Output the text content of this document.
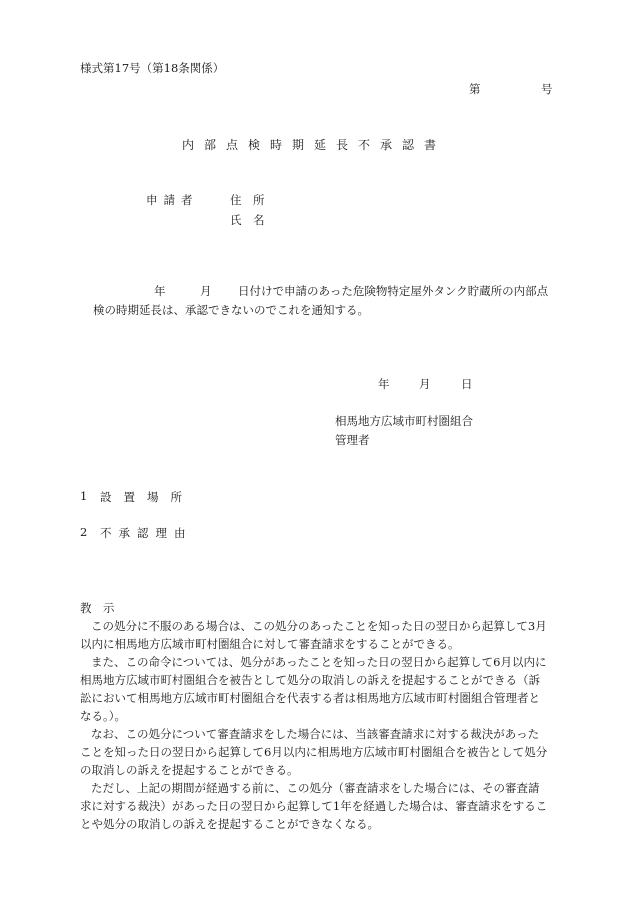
様式第17号（第18条関係）
第	号
内部点検時期延長不承認書
申請者	住　所
氏　名
年	月 日付けで申請のあった危険物特定屋外タンク貯蔵所の内部点
検の時期延長は、承認できないのでこれを通知する。
年	月	日
相馬地方広域市町村圏組合
管理者
1 設置場所
2 不承認理由
教　示

この処分に不服のある場合は、この処分のあったことを知った日の翌日から起算して3月以内に相馬地方広域市町村圏組合に対して審査請求をすることができる。

また、この命令については、処分があったことを知った日の翌日から起算して6月以内に相馬地方広域市町村圏組合を被告として処分の取消しの訴えを提起することができる（訴訟において相馬地方広域市町村圏組合を代表する者は相馬地方広域市町村圏組合管理者となる。）。

なお、この処分について審査請求をした場合には、当該審査請求に対する裁決があったことを知った日の翌日から起算して6月以内に相馬地方広域市町村圏組合を被告として処分の取消しの訴えを提起することができる。

ただし、上記の期間が経過する前に、この処分（審査請求をした場合には、その審査請求に対する裁決）があった日の翌日から起算して1年を経過した場合は、審査請求をすることや処分の取消しの訴えを提起することができなくなる。
